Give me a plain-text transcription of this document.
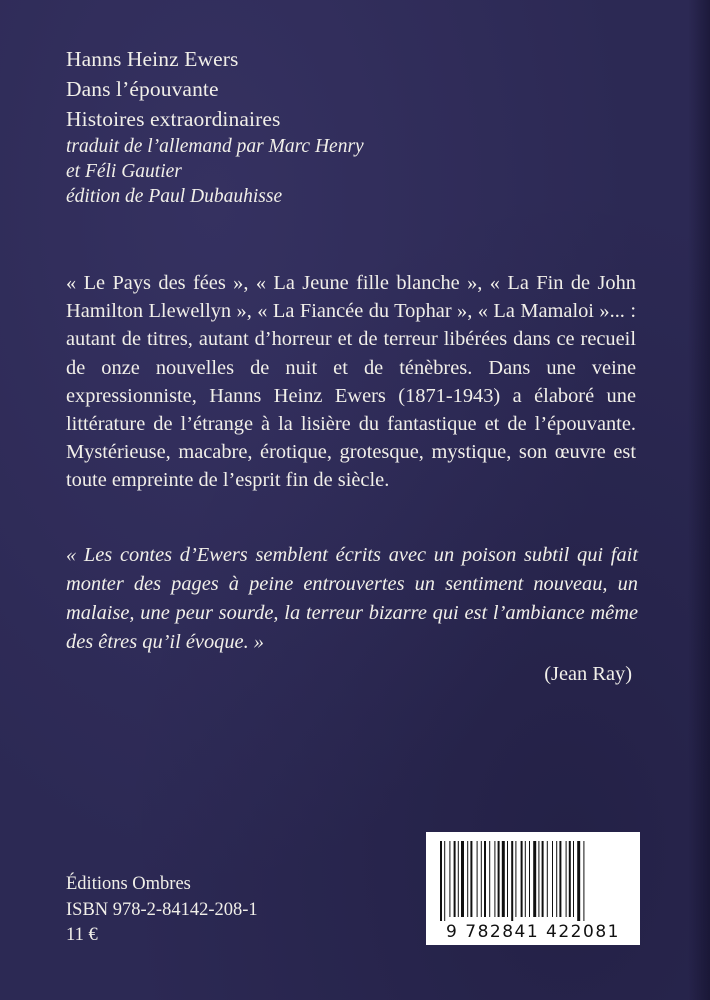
Hanns Heinz Ewers

Dans l’épouvante

Histoires extraordinaires

traduit de l’allemand par Marc Henry

et Féli Gautier

édition de Paul Dubauhisse

« Le Pays des fées », « La Jeune fille blanche », « La Fin de John Hamilton Llewellyn », « La Fiancée du Tophar », « La Mamaloi »... : autant de titres, autant d’horreur et de terreur libérées dans ce recueil de onze nouvelles de nuit et de ténèbres. Dans une veine expressionniste, Hanns Heinz Ewers (1871-1943) a élaboré une littérature de l’étrange à la lisière du fantastique et de l’épouvante. Mystérieuse, macabre, érotique, grotesque, mystique, son œuvre est toute empreinte de l’esprit fin de siècle.

« Les contes d’Ewers semblent écrits avec un poison subtil qui fait monter des pages à peine entrouvertes un sentiment nouveau, un malaise, une peur sourde, la terreur bizarre qui est l’ambiance même des êtres qu’il évoque. »

(Jean Ray)

Éditions Ombres
ISBN 978-2-84142-208-1
11 €	9 782841 422081
